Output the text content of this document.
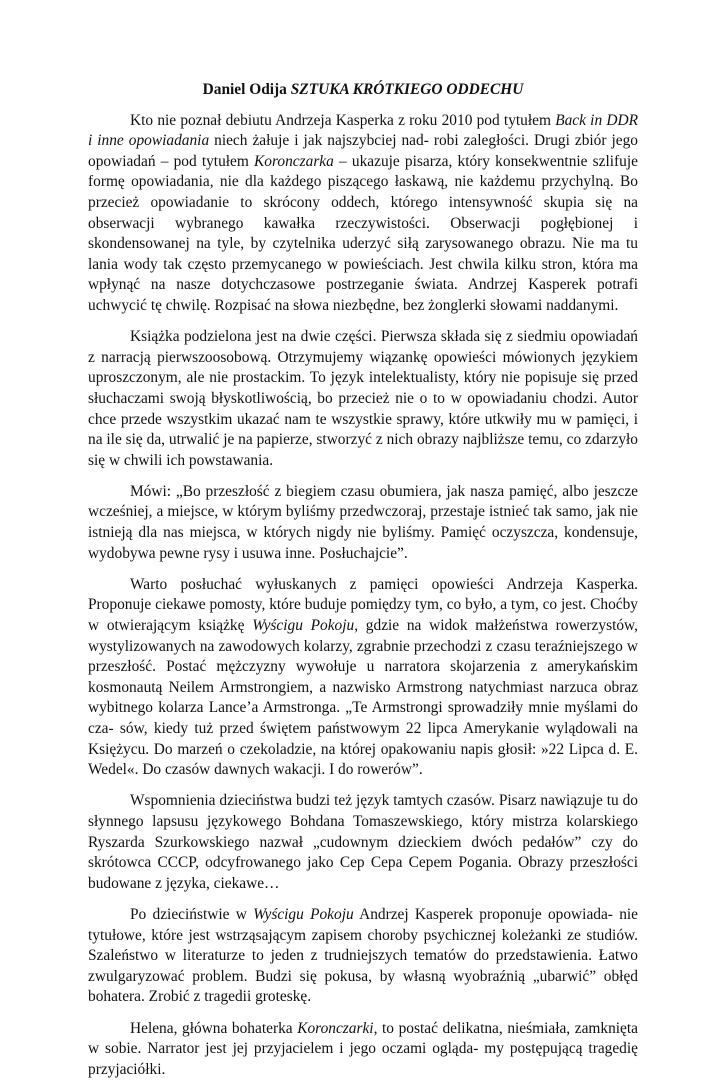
Daniel Odija SZTUKA KRÓTKIEGO ODDECHU

Kto nie poznał debiutu Andrzeja Kasperka z roku 2010 pod tytułem Back in DDR i inne opowiadania niech żałuje i jak najszybciej nad- robi zaległości. Drugi zbiór jego opowiadań – pod tytułem Koronczarka – ukazuje pisarza, który konsekwentnie szlifuje formę opowiadania, nie dla każdego piszącego łaskawą, nie każdemu przychylną. Bo przecież opowiadanie to skrócony oddech, którego intensywność skupia się na obserwacji wybranego kawałka rzeczywistości. Obserwacji pogłębionej i skondensowanej na tyle, by czytelnika uderzyć siłą zarysowanego obrazu. Nie ma tu lania wody tak często przemycanego w powieściach. Jest chwila kilku stron, która ma wpłynąć na nasze dotychczasowe postrzeganie świata. Andrzej Kasperek potrafi uchwycić tę chwilę. Rozpisać na słowa niezbędne, bez żonglerki słowami naddanymi.

Książka podzielona jest na dwie części. Pierwsza składa się z siedmiu opowiadań z narracją pierwszoosobową. Otrzymujemy wiązankę opowieści mówionych językiem uproszczonym, ale nie prostackim. To język intelektualisty, który nie popisuje się przed słuchaczami swoją błyskotliwością, bo przecież nie o to w opowiadaniu chodzi. Autor chce przede wszystkim ukazać nam te wszystkie sprawy, które utkwiły mu w pamięci, i na ile się da, utrwalić je na papierze, stworzyć z nich obrazy najbliższe temu, co zdarzyło się w chwili ich powstawania.

Mówi: „Bo przeszłość z biegiem czasu obumiera, jak nasza pamięć, albo jeszcze wcześniej, a miejsce, w którym byliśmy przedwczoraj, przestaje istnieć tak samo, jak nie istnieją dla nas miejsca, w których nigdy nie byliśmy. Pamięć oczyszcza, kondensuje, wydobywa pewne rysy i usuwa inne. Posłuchajcie”.

Warto posłuchać wyłuskanych z pamięci opowieści Andrzeja Kasperka. Proponuje ciekawe pomosty, które buduje pomiędzy tym, co było, a tym, co jest. Choćby w otwierającym książkę Wyścigu Pokoju, gdzie na widok małżeństwa rowerzystów, wystylizowanych na zawodowych kolarzy, zgrabnie przechodzi z czasu teraźniejszego w przeszłość. Postać mężczyzny wywołuje u narratora skojarzenia z amerykańskim kosmonautą Neilem Armstrongiem, a nazwisko Armstrong natychmiast narzuca obraz wybitnego kolarza Lance’a Armstronga. „Te Armstrongi sprowadziły mnie myślami do cza- sów, kiedy tuż przed świętem państwowym 22 lipca Amerykanie wylądowali na Księżycu. Do marzeń o czekoladzie, na której opakowaniu napis głosił: »22 Lipca d. E. Wedel«. Do czasów dawnych wakacji. I do rowerów”.

Wspomnienia dzieciństwa budzi też język tamtych czasów. Pisarz nawiązuje tu do słynnego lapsusu językowego Bohdana Tomaszewskiego, który mistrza kolarskiego Ryszarda Szurkowskiego nazwał „cudownym dzieckiem dwóch pedałów” czy do skrótowca CCCP, odcyfrowanego jako Cep Cepa Cepem Pogania. Obrazy przeszłości budowane z języka, ciekawe…

Po dzieciństwie w Wyścigu Pokoju Andrzej Kasperek proponuje opowiada- nie tytułowe, które jest wstrząsającym zapisem choroby psychicznej koleżanki ze studiów. Szaleństwo w literaturze to jeden z trudniejszych tematów do przedstawienia. Łatwo zwulgaryzować problem. Budzi się pokusa, by własną wyobraźnią „ubarwić” obłęd bohatera. Zrobić z tragedii groteskę.

Helena, główna bohaterka Koronczarki, to postać delikatna, nieśmiała, zamknięta w sobie. Narrator jest jej przyjacielem i jego oczami ogląda- my postępującą tragedię przyjaciółki.
